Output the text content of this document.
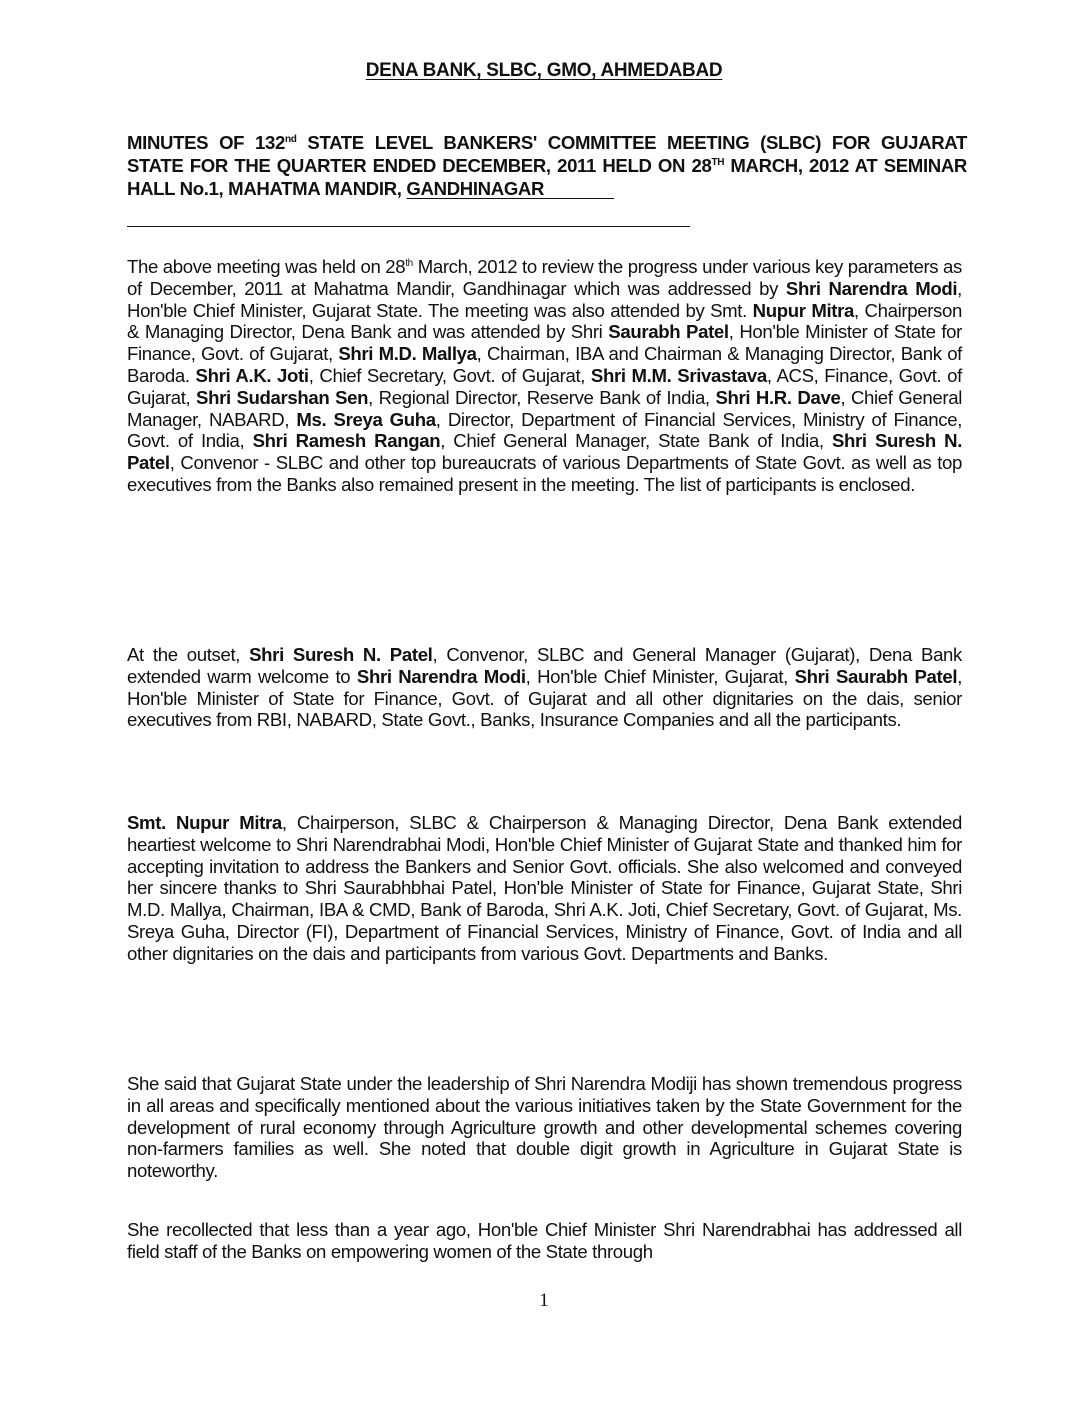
DENA BANK, SLBC, GMO, AHMEDABAD
MINUTES OF 132nd STATE LEVEL BANKERS' COMMITTEE MEETING (SLBC) FOR GUJARAT STATE FOR THE QUARTER ENDED DECEMBER, 2011 HELD ON 28TH MARCH, 2012 AT SEMINAR HALL No.1, MAHATMA MANDIR, GANDHINAGAR
The above meeting was held on 28th March, 2012 to review the progress under various key parameters as of December, 2011 at Mahatma Mandir, Gandhinagar which was addressed by Shri Narendra Modi, Hon'ble Chief Minister, Gujarat State. The meeting was also attended by Smt. Nupur Mitra, Chairperson & Managing Director, Dena Bank and was attended by Shri Saurabh Patel, Hon'ble Minister of State for Finance, Govt. of Gujarat, Shri M.D. Mallya, Chairman, IBA and Chairman & Managing Director, Bank of Baroda. Shri A.K. Joti, Chief Secretary, Govt. of Gujarat, Shri M.M. Srivastava, ACS, Finance, Govt. of Gujarat, Shri Sudarshan Sen, Regional Director, Reserve Bank of India, Shri H.R. Dave, Chief General Manager, NABARD, Ms. Sreya Guha, Director, Department of Financial Services, Ministry of Finance, Govt. of India, Shri Ramesh Rangan, Chief General Manager, State Bank of India, Shri Suresh N. Patel, Convenor - SLBC and other top bureaucrats of various Departments of State Govt. as well as top executives from the Banks also remained present in the meeting. The list of participants is enclosed.
At the outset, Shri Suresh N. Patel, Convenor, SLBC and General Manager (Gujarat), Dena Bank extended warm welcome to Shri Narendra Modi, Hon'ble Chief Minister, Gujarat, Shri Saurabh Patel, Hon'ble Minister of State for Finance, Govt. of Gujarat and all other dignitaries on the dais, senior executives from RBI, NABARD, State Govt., Banks, Insurance Companies and all the participants.
Smt. Nupur Mitra, Chairperson, SLBC & Chairperson & Managing Director, Dena Bank extended heartiest welcome to Shri Narendrabhai Modi, Hon'ble Chief Minister of Gujarat State and thanked him for accepting invitation to address the Bankers and Senior Govt. officials. She also welcomed and conveyed her sincere thanks to Shri Saurabhbhai Patel, Hon'ble Minister of State for Finance, Gujarat State, Shri M.D. Mallya, Chairman, IBA & CMD, Bank of Baroda, Shri A.K. Joti, Chief Secretary, Govt. of Gujarat, Ms. Sreya Guha, Director (FI), Department of Financial Services, Ministry of Finance, Govt. of India and all other dignitaries on the dais and participants from various Govt. Departments and Banks.
She said that Gujarat State under the leadership of Shri Narendra Modiji has shown tremendous progress in all areas and specifically mentioned about the various initiatives taken by the State Government for the development of rural economy through Agriculture growth and other developmental schemes covering non-farmers families as well. She noted that double digit growth in Agriculture in Gujarat State is noteworthy.
She recollected that less than a year ago, Hon'ble Chief Minister Shri Narendrabhai has addressed all field staff of the Banks on empowering women of the State through
1
